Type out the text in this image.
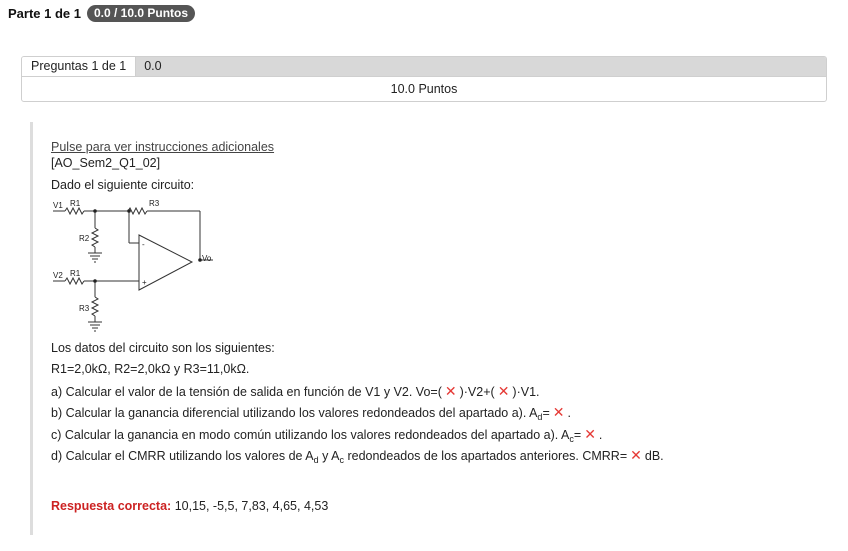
Parte 1 de 1	0.0 / 10.0 Puntos
Preguntas 1 de 1	0.0
10.0 Puntos
Pulse para ver instrucciones adicionales
[AO_Sem2_Q1_02]
Dado el siguiente circuito:
V1 R1	R3
R2
Vo
V2 R1
R3
-
+
Los datos del circuito son los siguientes:
R1=2,0kΩ, R2=2,0kΩ y R3=11,0kΩ.
a) Calcular el valor de la tensión de salida en función de V1 y V2. Vo=( ✕ )·V2+( ✕ )·V1.
b) Calcular la ganancia diferencial utilizando los valores redondeados del apartado a). $A_d=$ ✕ .
c) Calcular la ganancia en modo común utilizando los valores redondeados del apartado a). $A_c=$ ✕ .
d) Calcular el CMRR utilizando los valores de $A_d$ y $A_c$ redondeados de los apartados anteriores. CMRR= ✕ dB.
Respuesta correcta: 10,15, -5,5, 7,83, 4,65, 4,53
